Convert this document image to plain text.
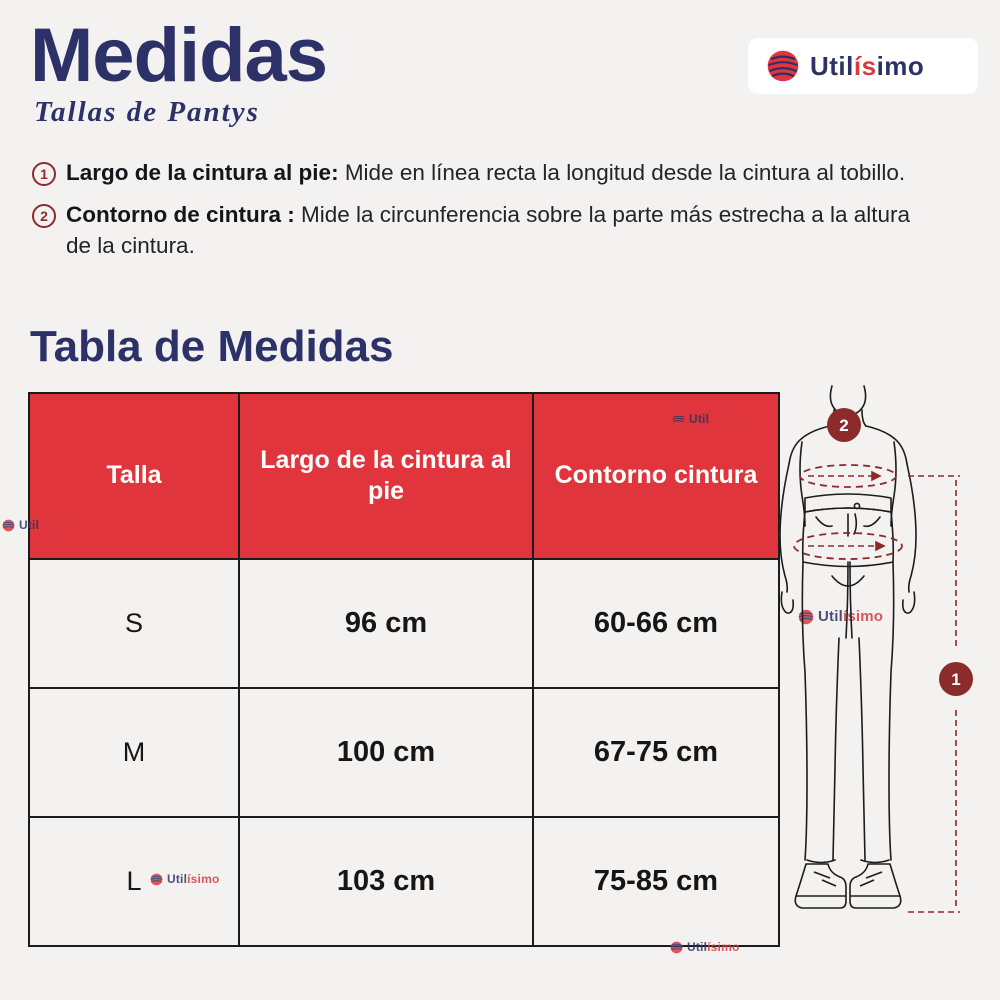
Medidas
Tallas de Pantys
Utilísimo
1 Largo de la cintura al pie: Mide en línea recta la longitud desde la cintura al tobillo.
2 Contorno de cintura : Mide la circunferencia sobre la parte más estrecha a la altura de la cintura.
Tabla de Medidas
Talla	Largo de la cintura al pie	Contorno cintura
S	96 cm	60-66 cm
M	100 cm	67-75 cm
L	103 cm	75-85 cm
Utilísimo
Utilísimo
Utilísimo
Utilísimo
Utilísimo
2
1
